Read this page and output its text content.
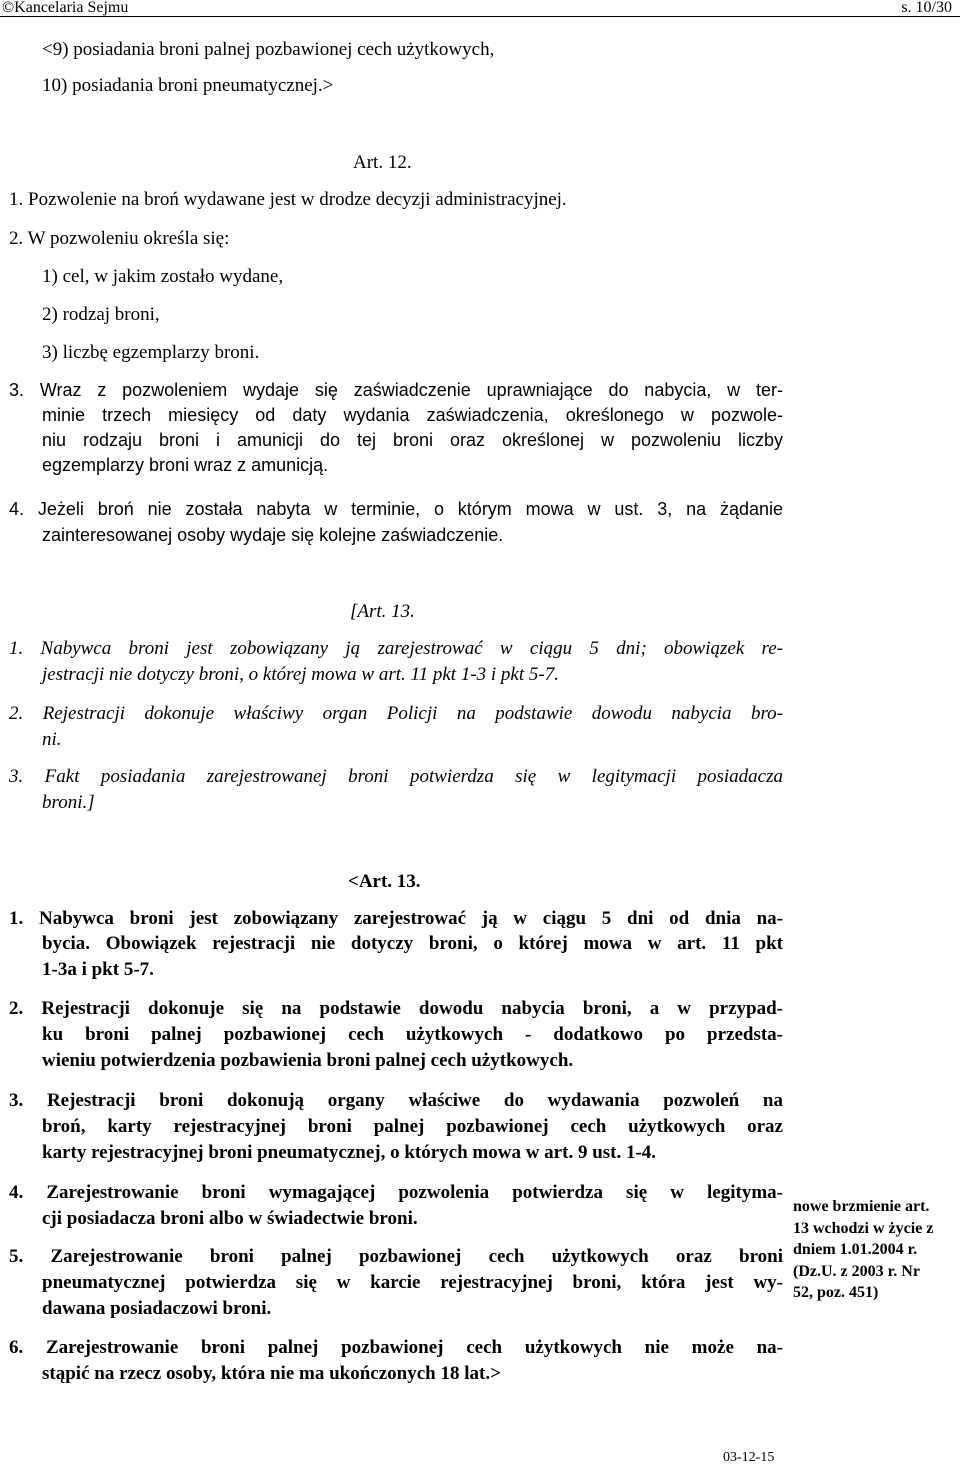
©Kancelaria Sejmu	s. 10/30
<9) posiadania broni palnej pozbawionej cech użytkowych,
10) posiadania broni pneumatycznej.>
Art. 12.
1. Pozwolenie na broń wydawane jest w drodze decyzji administracyjnej.
2. W pozwoleniu określa się:
1) cel, w jakim zostało wydane,
2) rodzaj broni,
3) liczbę egzemplarzy broni.
3. Wraz z pozwoleniem wydaje się zaświadczenie uprawniające do nabycia, w ter-
minie trzech miesięcy od daty wydania zaświadczenia, określonego w pozwole-
niu rodzaju broni i amunicji do tej broni oraz określonej w pozwoleniu liczby
egzemplarzy broni wraz z amunicją.
4. Jeżeli broń nie została nabyta w terminie, o którym mowa w ust. 3, na żądanie
zainteresowanej osoby wydaje się kolejne zaświadczenie.
[Art. 13.
1. Nabywca broni jest zobowiązany ją zarejestrować w ciągu 5 dni; obowiązek re-
jestracji nie dotyczy broni, o której mowa w art. 11 pkt 1-3 i pkt 5-7.
2. Rejestracji dokonuje właściwy organ Policji na podstawie dowodu nabycia bro-
ni.
3. Fakt posiadania zarejestrowanej broni potwierdza się w legitymacji posiadacza
broni.]
<Art. 13.
1. Nabywca broni jest zobowiązany zarejestrować ją w ciągu 5 dni od dnia na-
bycia. Obowiązek rejestracji nie dotyczy broni, o której mowa w art. 11 pkt
1-3a i pkt 5-7.
2. Rejestracji dokonuje się na podstawie dowodu nabycia broni, a w przypad-
ku broni palnej pozbawionej cech użytkowych - dodatkowo po przedsta-
wieniu potwierdzenia pozbawienia broni palnej cech użytkowych.
3. Rejestracji broni dokonują organy właściwe do wydawania pozwoleń na
broń, karty rejestracyjnej broni palnej pozbawionej cech użytkowych oraz
karty rejestracyjnej broni pneumatycznej, o których mowa w art. 9 ust. 1-4.
4. Zarejestrowanie broni wymagającej pozwolenia potwierdza się w legityma-
cji posiadacza broni albo w świadectwie broni.
5. Zarejestrowanie broni palnej pozbawionej cech użytkowych oraz broni
pneumatycznej potwierdza się w karcie rejestracyjnej broni, która jest wy-
dawana posiadaczowi broni.
6. Zarejestrowanie broni palnej pozbawionej cech użytkowych nie może na-
stąpić na rzecz osoby, która nie ma ukończonych 18 lat.>
nowe brzmienie art.
13 wchodzi w życie z
dniem 1.01.2004 r.
(Dz.U. z 2003 r. Nr
52, poz. 451)
03-12-15
